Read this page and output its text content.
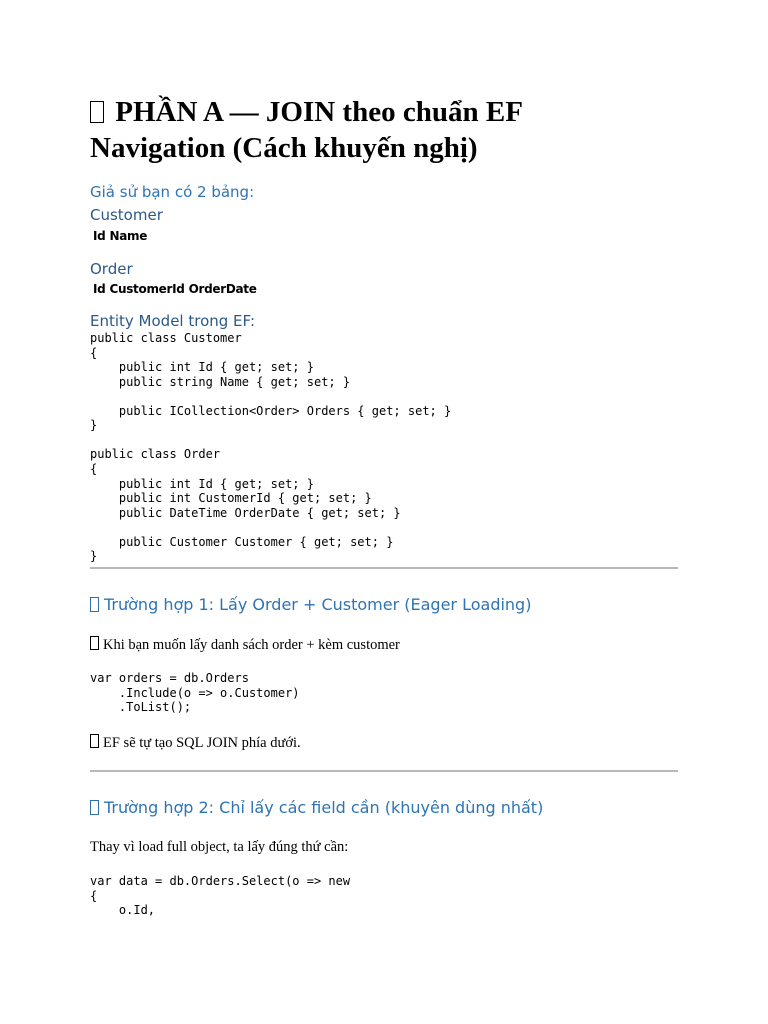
PHẦN A — JOIN theo chuẩn EF
Navigation (Cách khuyến nghị)

Giả sử bạn có 2 bảng:

Customer

Id Name

Order

Id CustomerId OrderDate

Entity Model trong EF:

public class Customer
{
public int Id { get; set; }
public string Name { get; set; }
public ICollection<Order> Orders { get; set; }
}
public class Order
{
public int Id { get; set; }
public int CustomerId { get; set; }
public DateTime OrderDate { get; set; }
public Customer Customer { get; set; }
}

Trường hợp 1: Lấy Order + Customer (Eager Loading)

Khi bạn muốn lấy danh sách order + kèm customer

var orders = db.Orders
.Include(o => o.Customer)
.ToList();

EF sẽ tự tạo SQL JOIN phía dưới.

Trường hợp 2: Chỉ lấy các field cần (khuyên dùng nhất)

Thay vì load full object, ta lấy đúng thứ cần:

var data = db.Orders.Select(o => new
{
o.Id,
